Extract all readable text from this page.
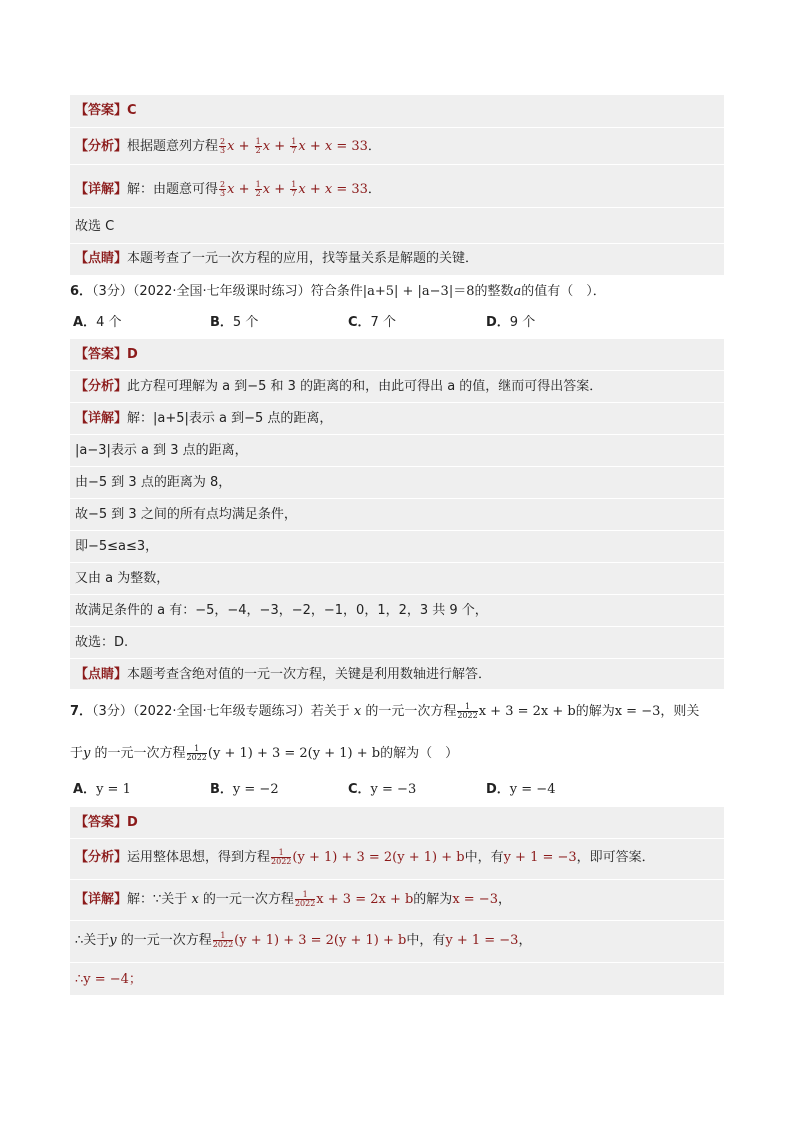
【答案】C
【分析】根据题意列方程 $\frac{2}{3}$ $x + \frac{1}{2}$ $x + \frac{1}{7}$ x + x = 33．
【详解】解：由题意可得 $\frac{2}{3}$ $x + \frac{1}{2}$ $x + \frac{1}{7}$ x + x = 33．
故选 C
【点睛】本题考查了一元一次方程的应用，找等量关系是解题的关键．
6．（3分）（2022·全国·七年级课时练习）符合条件|a+5| + |a−3|＝8的整数a的值有（　）．
A．4 个	B．5 个	C．7 个	D．9 个
【答案】D
【分析】此方程可理解为 a 到−5 和 3 的距离的和，由此可得出 a 的值，继而可得出答案．
【详解】解：|a+5|表示 a 到−5 点的距离，
|a−3|表示 a 到 3 点的距离，
由−5 到 3 点的距离为 8，
故−5 到 3 之间的所有点均满足条件，
即−5≤a≤3，
又由 a 为整数，
故满足条件的 a 有：−5，−4，−3，−2，−1，0，1，2，3 共 9 个，
故选：D.
【点睛】本题考查含绝对值的一元一次方程，关键是利用数轴进行解答．
7．（3分）（2022·全国·七年级专题练习）若关于 x 的一元一次方程 $\frac{1}{2022}$ x + 3 = 2x + b的解为x = −3，则关
于y 的一元一次方程 $\frac{1}{2022} (y + 1) + 3 = 2(y + 1) + b$的解为（　）
A．y = 1	B．y = −2	C．y = −3	D．y = −4
【答案】D
【分析】运用整体思想，得到方程 $\frac{1}{2022} (y + 1) + 3 = 2(y + 1) + b$中，有y + 1 = −3，即可答案．
【详解】解：∵关于 x 的一元一次方程 $\frac{1}{2022}$ x + 3 = 2x + b的解为x = −3，
∴关于y 的一元一次方程 $\frac{1}{2022} (y + 1) + 3 = 2(y + 1) + b$中，有y + 1 = −3，
∴y = −4；
